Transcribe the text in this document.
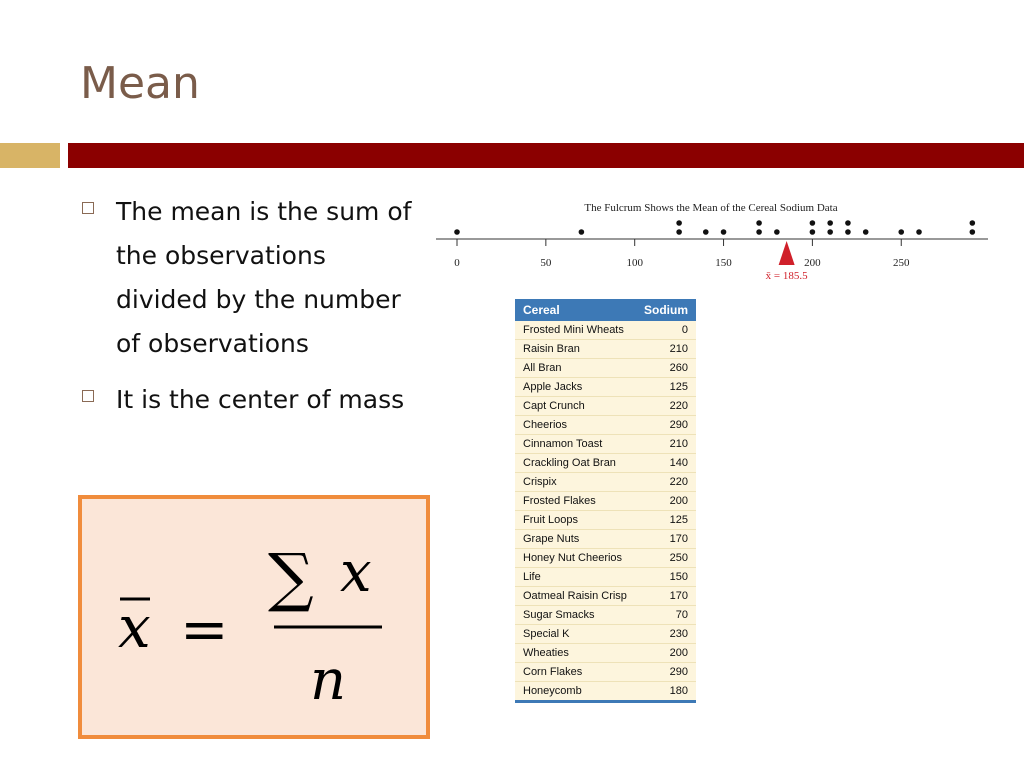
Mean
The mean is the sum of the observations divided by the number of observations
It is the center of mass
x =
∑ x
n
The Fulcrum Shows the Mean of the Cereal Sodium Data
0	50	100	150	200	250
x̄ = 185.5
Cereal	Sodium
Frosted Mini Wheats	0
Raisin Bran	210
All Bran	260
Apple Jacks	125
Capt Crunch	220
Cheerios	290
Cinnamon Toast	210
Crackling Oat Bran	140
Crispix	220
Frosted Flakes	200
Fruit Loops	125
Grape Nuts	170
Honey Nut Cheerios	250
Life	150
Oatmeal Raisin Crisp	170
Sugar Smacks	70
Special K	230
Wheaties	200
Corn Flakes	290
Honeycomb	180
